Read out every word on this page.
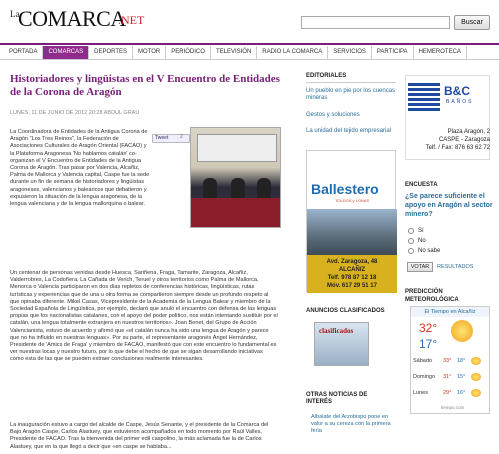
La
COMARCA
.NET	Buscar
PORTADA	COMARCAS	DEPORTES	MOTOR	PERIÓDICO	TELEVISIÓN	RADIO LA COMARCA	SERVICIOS	PARTICIPA	HEMEROTECA
Historiadores y lingüistas en el V Encuentro de Entidades de la Corona de Aragón
LUNES, 11 DE JUNIO DE 2012 20:28 ABDUL GRAU
Tweet	2
La Coordinadora de Entidades de la Antigua Corona de Aragón "Los Tres Reinos", la Federación de Asociaciones Culturales de Aragón Oriental (FACAO) y la Plataforma Aragonesa 'No hablamos catalán' co-organizan el V Encuentro de Entidades de la Antigua Corona de Aragón. Tras pasar por Valencia, Alcañiz, Palma de Mallorca y Valencia capital, Caspe fue la sede durante un fin de semana de historiadores y lingüistas aragoneses, valencianos y baleáricos que debatieron y expusieron la situación de la lengua aragonesa, de la lengua valenciana y de la lengua mallorquina o balear.
Un centenar de personas venidas desde Huesca, Sariñena, Fraga, Tamarite, Zaragoza, Alcañiz, Valderrobres, La Codoñera, La Cañada de Verich, Teruel y otros territorios como Palma de Mallorca, Menorca o Valencia participaron en dos días repletos de conferencias históricas, lingüísticas, rutas turísticas y experiencias que de una u otra forma se compartieron siempre desde un profundo respeto al que opinaba diferente. Mikel Casas, Vicepresidente de la Academia de la Lengua Balear y miembro de la Sociedad Española de Lingüística, por ejemplo, declaró que anuló el encuentro con defensa de las lenguas propias que los nacionalistas catalanes, con el apoyo del poder político, nos están intentando sustituir por el catalán, una lengua totalmente extranjera en nuestros territorios». Joan Benet, del Grupo de Acción Valencianista, estuvo de acuerdo y afirmó que «el catalán nunca ha sido una lengua de Aragón y parece que no ha influido en nuestras lenguas». Por su parte, el representante aragonés Ángel Hernández, Presidente de 'Amics de Fraga' y miembro de FACAO, manifestó que con este encuentro lo fundamental es ver nuestras locas y nuestro futuro, por lo que debe el hecho de que se sigan desarrollando iniciativas como esta de las que se pueden extraer conclusiones realmente interesantes.
La inauguración estuvo a cargo del alcalde de Caspe, Jesús Senante, y el presidente de la Comarca del Bajo Aragón Caspe, Carlos Alastuey, que estuvieron acompañados en todo momento por Raúl Valles, Presidente de FACAO. Tras la bienvenida del primer edil caspolino, la más aclamada fue la de Carlos Alastuey, que en la que llegó a decir que «en caspe se hablaba...
EDITORIALES
Un pueblo en pie por los cuencas mineras
Gestos y soluciones
La unidad del tejido empresarial
Ballestero
TOLDOS y LONAS
Avd. Zaragoza, 48
ALCAÑIZ
Telf. 978 87 12 18
Móv. 617 29 51 17
ANUNCIOS CLASIFICADOS
clasificados
OTRAS NOTICIAS DE INTERÉS
Albalate del Arzobispo pone en valor a su cereza con la primera feria
B&C
BAÑOS
Plaza Aragón, 2
CASPE - Zaragoza
Telf. / Fax: 876 63 62 72
ENCUESTA
¿Se parece suficiente el apoyo en Aragón al sector minero?
Sí
No
No sabe
VOTAR	RESULTADOS
PREDICCIÓN METEOROLÓGICA
El Tiempo en Alcañiz
32°
17°
Sábado	33°	18°
Domingo	31°	15°
Lunes	29°	16°
tiempo.com
